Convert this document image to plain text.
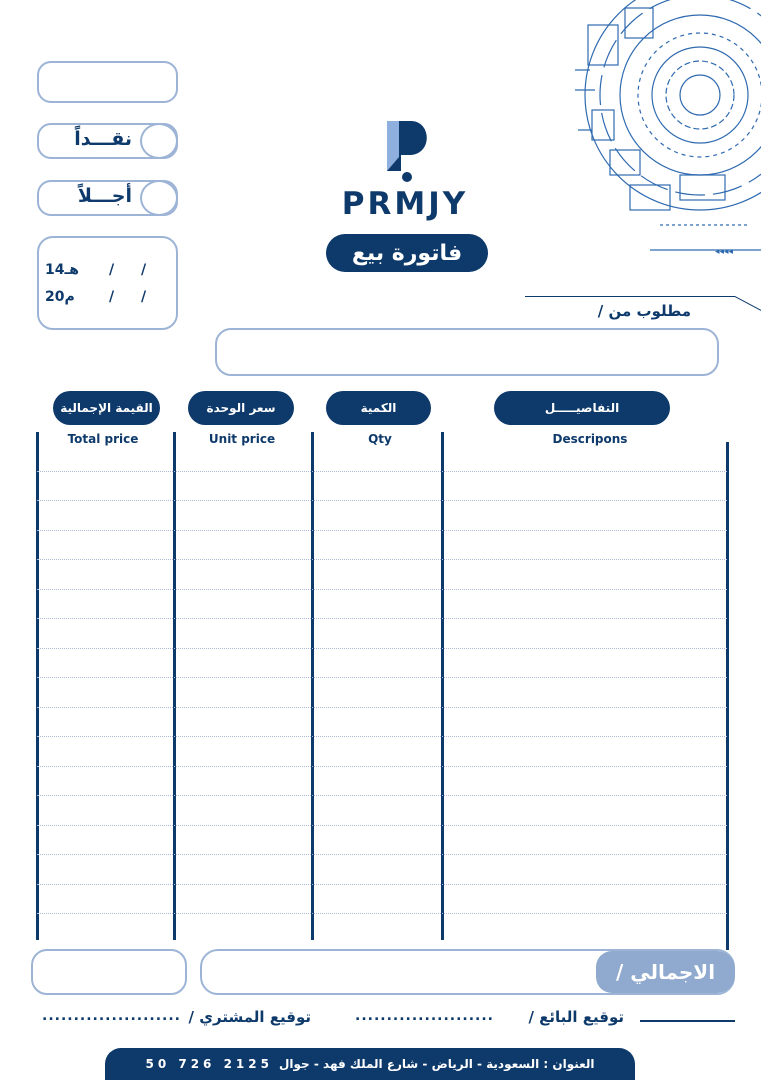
◂◂◂◂
نقـــداً
أجـــلاً
14هـ / /
20م / /
PRMJY
فاتورة بيع
مطلوب من /
التفاصيـــــل
الكمية
سعر الوحدة
القيمة الإجمالية
Descripons
Qty
Unit price
Total price
الاجمالي /
توقيع البائع /
......................
توقيع المشتري /
......................
العنوان : السعودية - الرياض - شارع الملك فهد - جوال
50 726 2125
